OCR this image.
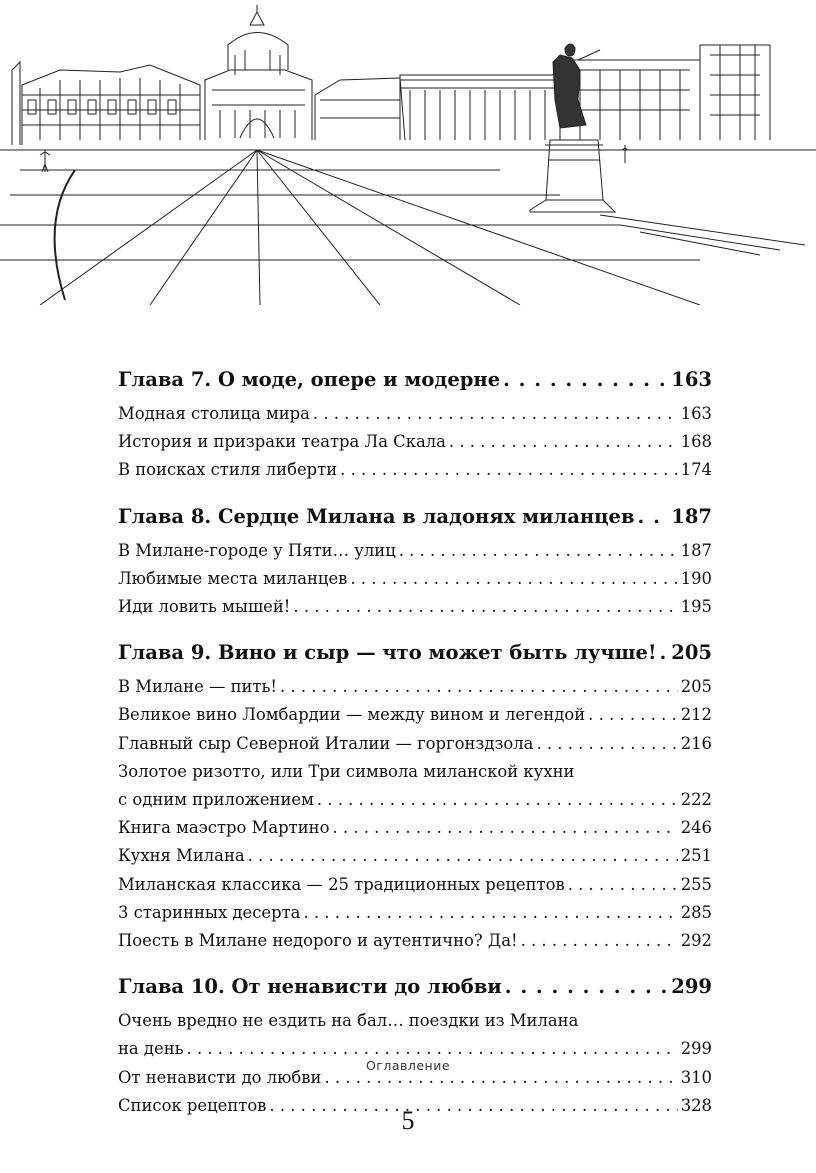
Глава 7. О моде, опере и модерне . . .	163
Модная столица мира . . .	163
История и призраки театра Ла Скала . . .	168
В поисках стиля либерти . . .	174
Глава 8. Сердце Милана в ладонях миланцев . . . 187
В Милане-городе у Пяти… улиц . . .	187
Любимые места миланцев . . .	190
Иди ловить мышей! . . .	195
Глава 9. Вино и сыр — что может быть лучше! . . . 205
В Милане — пить! . . .	205
Великое вино Ломбардии — между вином и легендой . . .	212
Главный сыр Северной Италии — горгонздзола . . .	216
Золотое ризотто, или Три символа миланской кухни
с одним приложением . . .	222
Книга маэстро Мартино . . .	246
Кухня Милана . . .	251
Миланская классика — 25 традиционных рецептов . . .	255
3 старинных десерта . . .	285
Поесть в Милане недорого и аутентично? Да! . . .	292
Глава 10. От ненависти до любви . . .	299
Очень вредно не ездить на бал… поездки из Милана
на день . . .	299
От ненависти до любви . . .	310
Список рецептов . . .	328
Оглавление
5
